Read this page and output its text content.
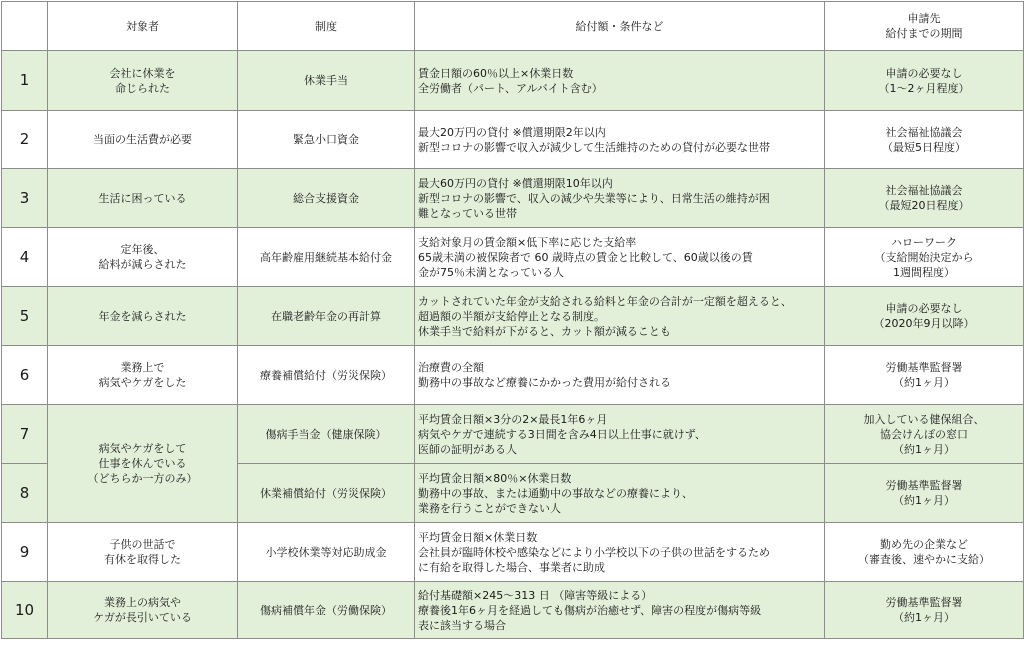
	対象者	制度	給付額・条件など	申請先
給付までの期間

1	会社に休業を
命じられた	休業手当	賃金日額の60％以上×休業日数
全労働者（パート、アルバイト含む）	申請の必要なし
（1～2ヶ月程度）

2	当面の生活費が必要	緊急小口資金	最大20万円の貸付 ※償還期限2年以内
新型コロナの影響で収入が減少して生活維持のための貸付が必要な世帯	社会福祉協議会
（最短5日程度）

3	生活に困っている	総合支援資金	最大60万円の貸付 ※償還期限10年以内
新型コロナの影響で、収入の減少や失業等により、日常生活の維持が困
難となっている世帯	社会福祉協議会
（最短20日程度）

4	定年後、
給料が減らされた	高年齢雇用継続基本給付金	支給対象月の賃金額×低下率に応じた支給率
65歳未満の被保険者で 60 歳時点の賃金と比較して、60歳以後の賃
金が75％未満となっている人	ハローワーク
（支給開始決定から
1週間程度）

5	年金を減らされた	在職老齢年金の再計算	カットされていた年金が支給される給料と年金の合計が一定額を超えると、
超過額の半額が支給停止となる制度。
休業手当で給料が下がると、カット額が減ることも	申請の必要なし
（2020年9月以降）

6	業務上で
病気やケガをした	療養補償給付（労災保険）	治療費の全額
勤務中の事故など療養にかかった費用が給付される	労働基準監督署
（約1ヶ月）

7	病気やケガをして
仕事を休んでいる
（どちらか一方のみ）	傷病手当金（健康保険）	平均賃金日額×3分の2×最長1年6ヶ月
病気やケガで連続する3日間を含み4日以上仕事に就けず、
医師の証明がある人	加入している健保組合、
協会けんぽの窓口
（約1ヶ月）

8		休業補償給付（労災保険）	平均賃金日額×80％×休業日数
勤務中の事故、または通勤中の事故などの療養により、
業務を行うことができない人	労働基準監督署
（約1ヶ月）

9	子供の世話で
有休を取得した	小学校休業等対応助成金	平均賃金日額×休業日数
会社員が臨時休校や感染などにより小学校以下の子供の世話をするため
に有給を取得した場合、事業者に助成	勤め先の企業など
（審査後、速やかに支給）

10	業務上の病気や
ケガが長引いている	傷病補償年金（労働保険）	給付基礎額×245～313 日 （障害等級による）
療養後1年6ヶ月を経過しても傷病が治癒せず、障害の程度が傷病等級
表に該当する場合	労働基準監督署
（約1ヶ月）
